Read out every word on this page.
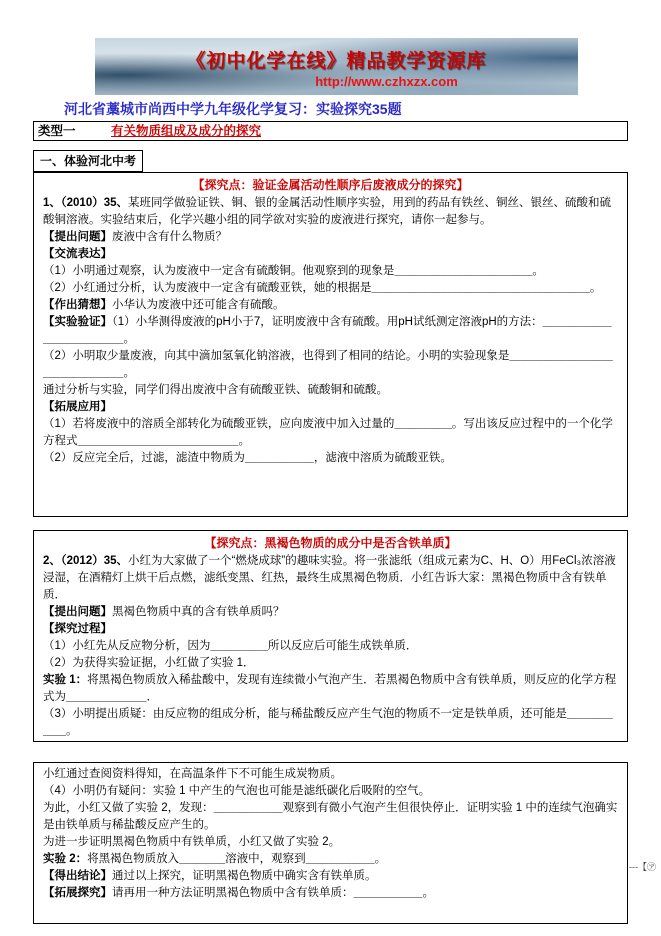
《初中化学在线》精品教学资源库
http://www.czhxzx.com
河北省藁城市尚西中学九年级化学复习：实验探究35题
类型一	有关物质组成及成分的探究
一、体验河北中考
【探究点：验证金属活动性顺序后废液成分的探究】
1、（2010）35、某班同学做验证铁、铜、银的金属活动性顺序实验，用到的药品有铁丝、铜丝、银丝、硫酸和硫酸铜溶液。实验结束后，化学兴趣小组的同学欲对实验的废液进行探究，请你一起参与。
【提出问题】废液中含有什么物质？
【交流表达】
（1）小明通过观察，认为废液中一定含有硫酸铜。他观察到的现象是＿＿＿＿＿＿＿＿＿＿＿＿。
（2）小红通过分析，认为废液中一定含有硫酸亚铁，她的根据是＿＿＿＿＿＿＿＿＿＿＿＿＿＿＿＿＿＿＿。
【作出猜想】小华认为废液中还可能含有硫酸。
【实验验证】（1）小华测得废液的pH小于7，证明废液中含有硫酸。用pH试纸测定溶液pH的方法：＿＿＿＿＿＿＿＿＿＿＿＿＿。
（2）小明取少量废液，向其中滴加氢氧化钠溶液，也得到了相同的结论。小明的实验现象是＿＿＿＿＿＿＿＿＿＿＿＿＿＿＿＿。
通过分析与实验，同学们得出废液中含有硫酸亚铁、硫酸铜和硫酸。
【拓展应用】
（1）若将废液中的溶质全部转化为硫酸亚铁，应向废液中加入过量的＿＿＿＿＿。写出该反应过程中的一个化学方程式＿＿＿＿＿＿＿＿＿＿＿＿＿＿。
（2）反应完全后，过滤，滤渣中物质为＿＿＿＿＿＿，滤液中溶质为硫酸亚铁。
【探究点：黑褐色物质的成分中是否含铁单质】
2、（2012）35、小红为大家做了一个“燃烧成球”的趣味实验。将一张滤纸（组成元素为C、H、O）用FeCl₃浓溶液浸湿，在酒精灯上烘干后点燃，滤纸变黑、红热，最终生成黑褐色物质．小红告诉大家：黑褐色物质中含有铁单质．
【提出问题】黑褐色物质中真的含有铁单质吗？
【探究过程】
（1）小红先从反应物分析，因为＿＿＿＿＿所以反应后可能生成铁单质．
（2）为获得实验证据，小红做了实验 1．
实验 1：将黑褐色物质放入稀盐酸中，发现有连续微小气泡产生．若黑褐色物质中含有铁单质，则反应的化学方程式为＿＿＿＿＿＿＿．
（3）小明提出质疑：由反应物的组成分析，能与稀盐酸反应产生气泡的物质不一定是铁单质，还可能是＿＿＿＿＿＿。
小红通过查阅资料得知，在高温条件下不可能生成炭物质。
（4）小明仍有疑问：实验 1 中产生的气泡也可能是滤纸碳化后吸附的空气。
为此，小红又做了实验 2，发现：＿＿＿＿＿＿观察到有微小气泡产生但很快停止．证明实验 1 中的连续气泡确实是由铁单质与稀盐酸反应产生的。
为进一步证明黑褐色物质中有铁单质，小红又做了实验 2。
实验 2：将黑褐色物质放入＿＿＿＿溶液中，观察到＿＿＿＿＿＿。
【得出结论】通过以上探究，证明黑褐色物质中确实含有铁单质。
【拓展探究】请再用一种方法证明黑褐色物质中含有铁单质：＿＿＿＿＿＿。
---【㋐
